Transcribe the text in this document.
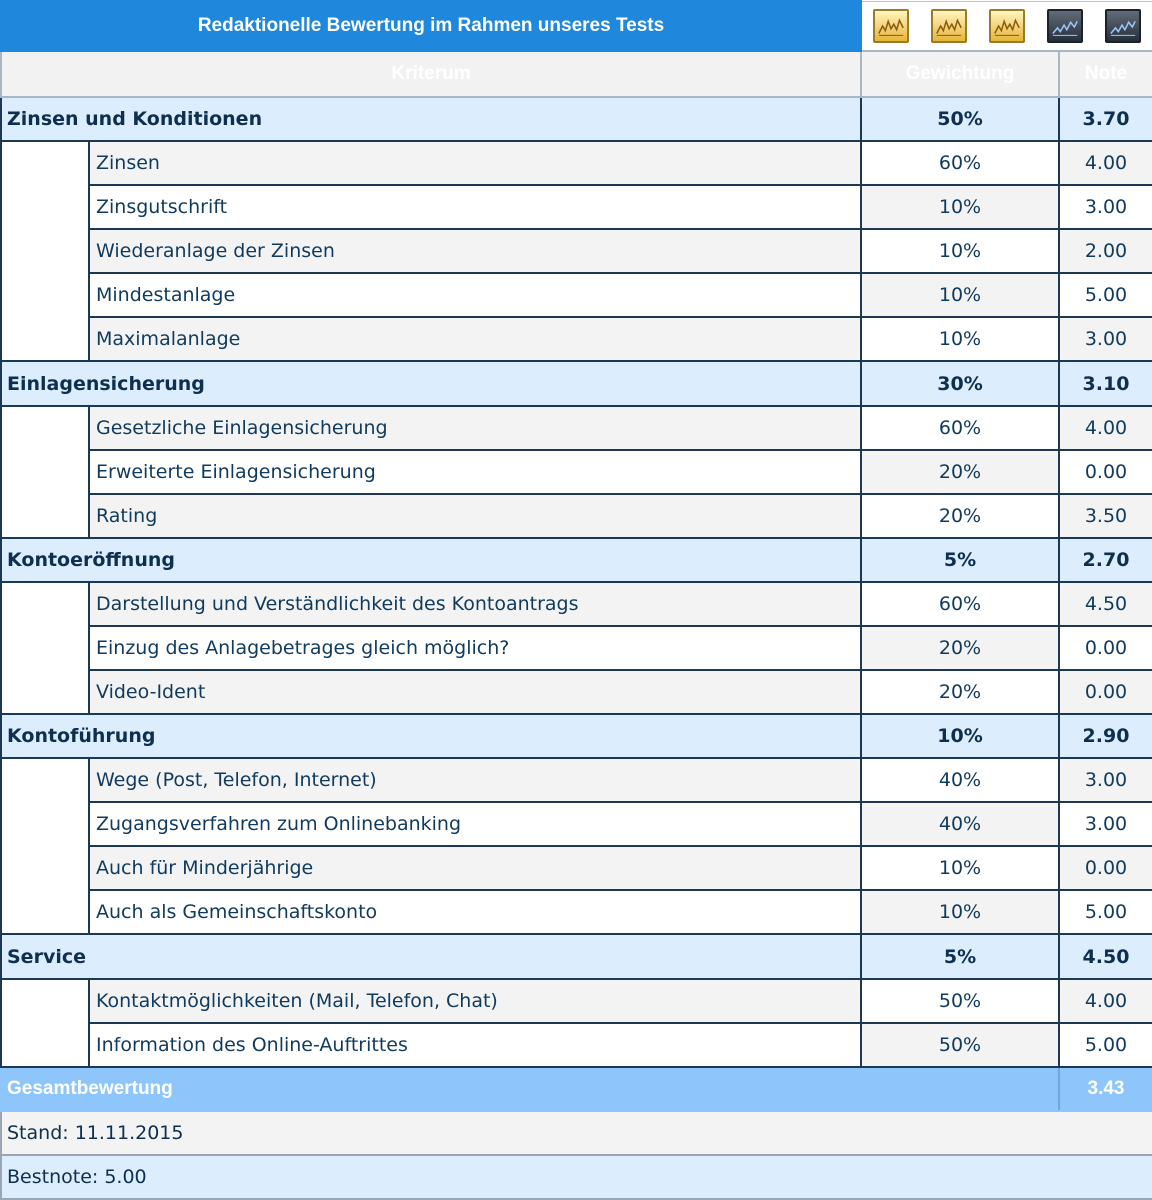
Redaktionelle Bewertung im Rahmen unseres Tests	

Kriterum		Gewichtung	Note
Zinsen und Konditionen		50%	3.70
	Zinsen	60%	4.00
	Zinsgutschrift	10%	3.00
	Wiederanlage der Zinsen	10%	2.00
	Mindestanlage	10%	5.00
	Maximalanlage	10%	3.00
Einlagensicherung		30%	3.10
	Gesetzliche Einlagensicherung	60%	4.00
	Erweiterte Einlagensicherung	20%	0.00
	Rating	20%	3.50
Kontoeröffnung		5%	2.70
	Darstellung und Verständlichkeit des Kontoantrags	60%	4.50
	Einzug des Anlagebetrages gleich möglich?	20%	0.00
	Video-Ident	20%	0.00
Kontoführung		10%	2.90
	Wege (Post, Telefon, Internet)	40%	3.00
	Zugangsverfahren zum Onlinebanking	40%	3.00
	Auch für Minderjährige	10%	0.00
	Auch als Gemeinschaftskonto	10%	5.00
Service		5%	4.50
	Kontaktmöglichkeiten (Mail, Telefon, Chat)	50%	4.00
	Information des Online-Auftrittes	50%	5.00
Gesamtbewertung			3.43
Stand: 11.11.2015			
Bestnote: 5.00			
